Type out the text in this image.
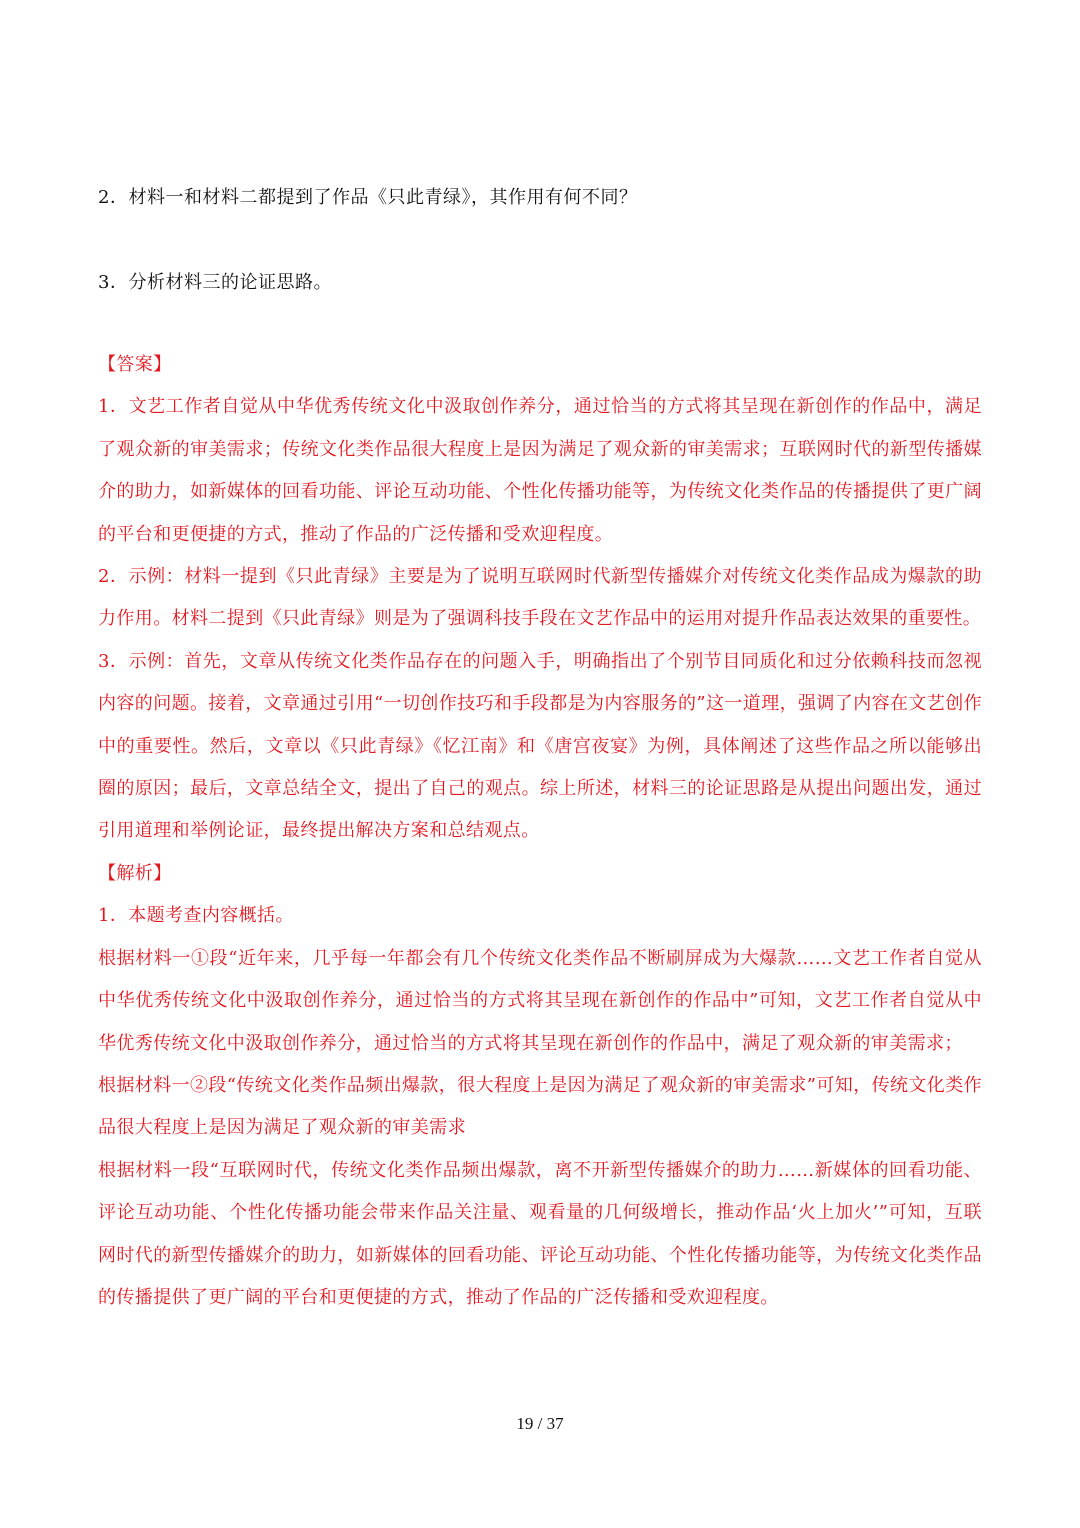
2．材料一和材料二都提到了作品《只此青绿》，其作用有何不同？
3．分析材料三的论证思路。

【答案】

1．文艺工作者自觉从中华优秀传统文化中汲取创作养分，通过恰当的方式将其呈现在新创作的作品中，满足了观众新的审美需求；传统文化类作品很大程度上是因为满足了观众新的审美需求；互联网时代的新型传播媒介的助力，如新媒体的回看功能、评论互动功能、个性化传播功能等，为传统文化类作品的传播提供了更广阔的平台和更便捷的方式，推动了作品的广泛传播和受欢迎程度。

2．示例：材料一提到《只此青绿》主要是为了说明互联网时代新型传播媒介对传统文化类作品成为爆款的助力作用。材料二提到《只此青绿》则是为了强调科技手段在文艺作品中的运用对提升作品表达效果的重要性。

3．示例：首先，文章从传统文化类作品存在的问题入手，明确指出了个别节目同质化和过分依赖科技而忽视内容的问题。接着，文章通过引用“一切创作技巧和手段都是为内容服务的”这一道理，强调了内容在文艺创作中的重要性。然后，文章以《只此青绿》《忆江南》和《唐宫夜宴》为例，具体阐述了这些作品之所以能够出圈的原因；最后，文章总结全文，提出了自己的观点。综上所述，材料三的论证思路是从提出问题出发，通过引用道理和举例论证，最终提出解决方案和总结观点。

【解析】

1．本题考查内容概括。

根据材料一①段“近年来，几乎每一年都会有几个传统文化类作品不断刷屏成为大爆款……文艺工作者自觉从中华优秀传统文化中汲取创作养分，通过恰当的方式将其呈现在新创作的作品中”可知，文艺工作者自觉从中华优秀传统文化中汲取创作养分，通过恰当的方式将其呈现在新创作的作品中，满足了观众新的审美需求；

根据材料一②段“传统文化类作品频出爆款，很大程度上是因为满足了观众新的审美需求”可知，传统文化类作品很大程度上是因为满足了观众新的审美需求

根据材料一段“互联网时代，传统文化类作品频出爆款，离不开新型传播媒介的助力……新媒体的回看功能、评论互动功能、个性化传播功能会带来作品关注量、观看量的几何级增长，推动作品‘火上加火’”可知，互联网时代的新型传播媒介的助力，如新媒体的回看功能、评论互动功能、个性化传播功能等，为传统文化类作品的传播提供了更广阔的平台和更便捷的方式，推动了作品的广泛传播和受欢迎程度。

19 / 37
